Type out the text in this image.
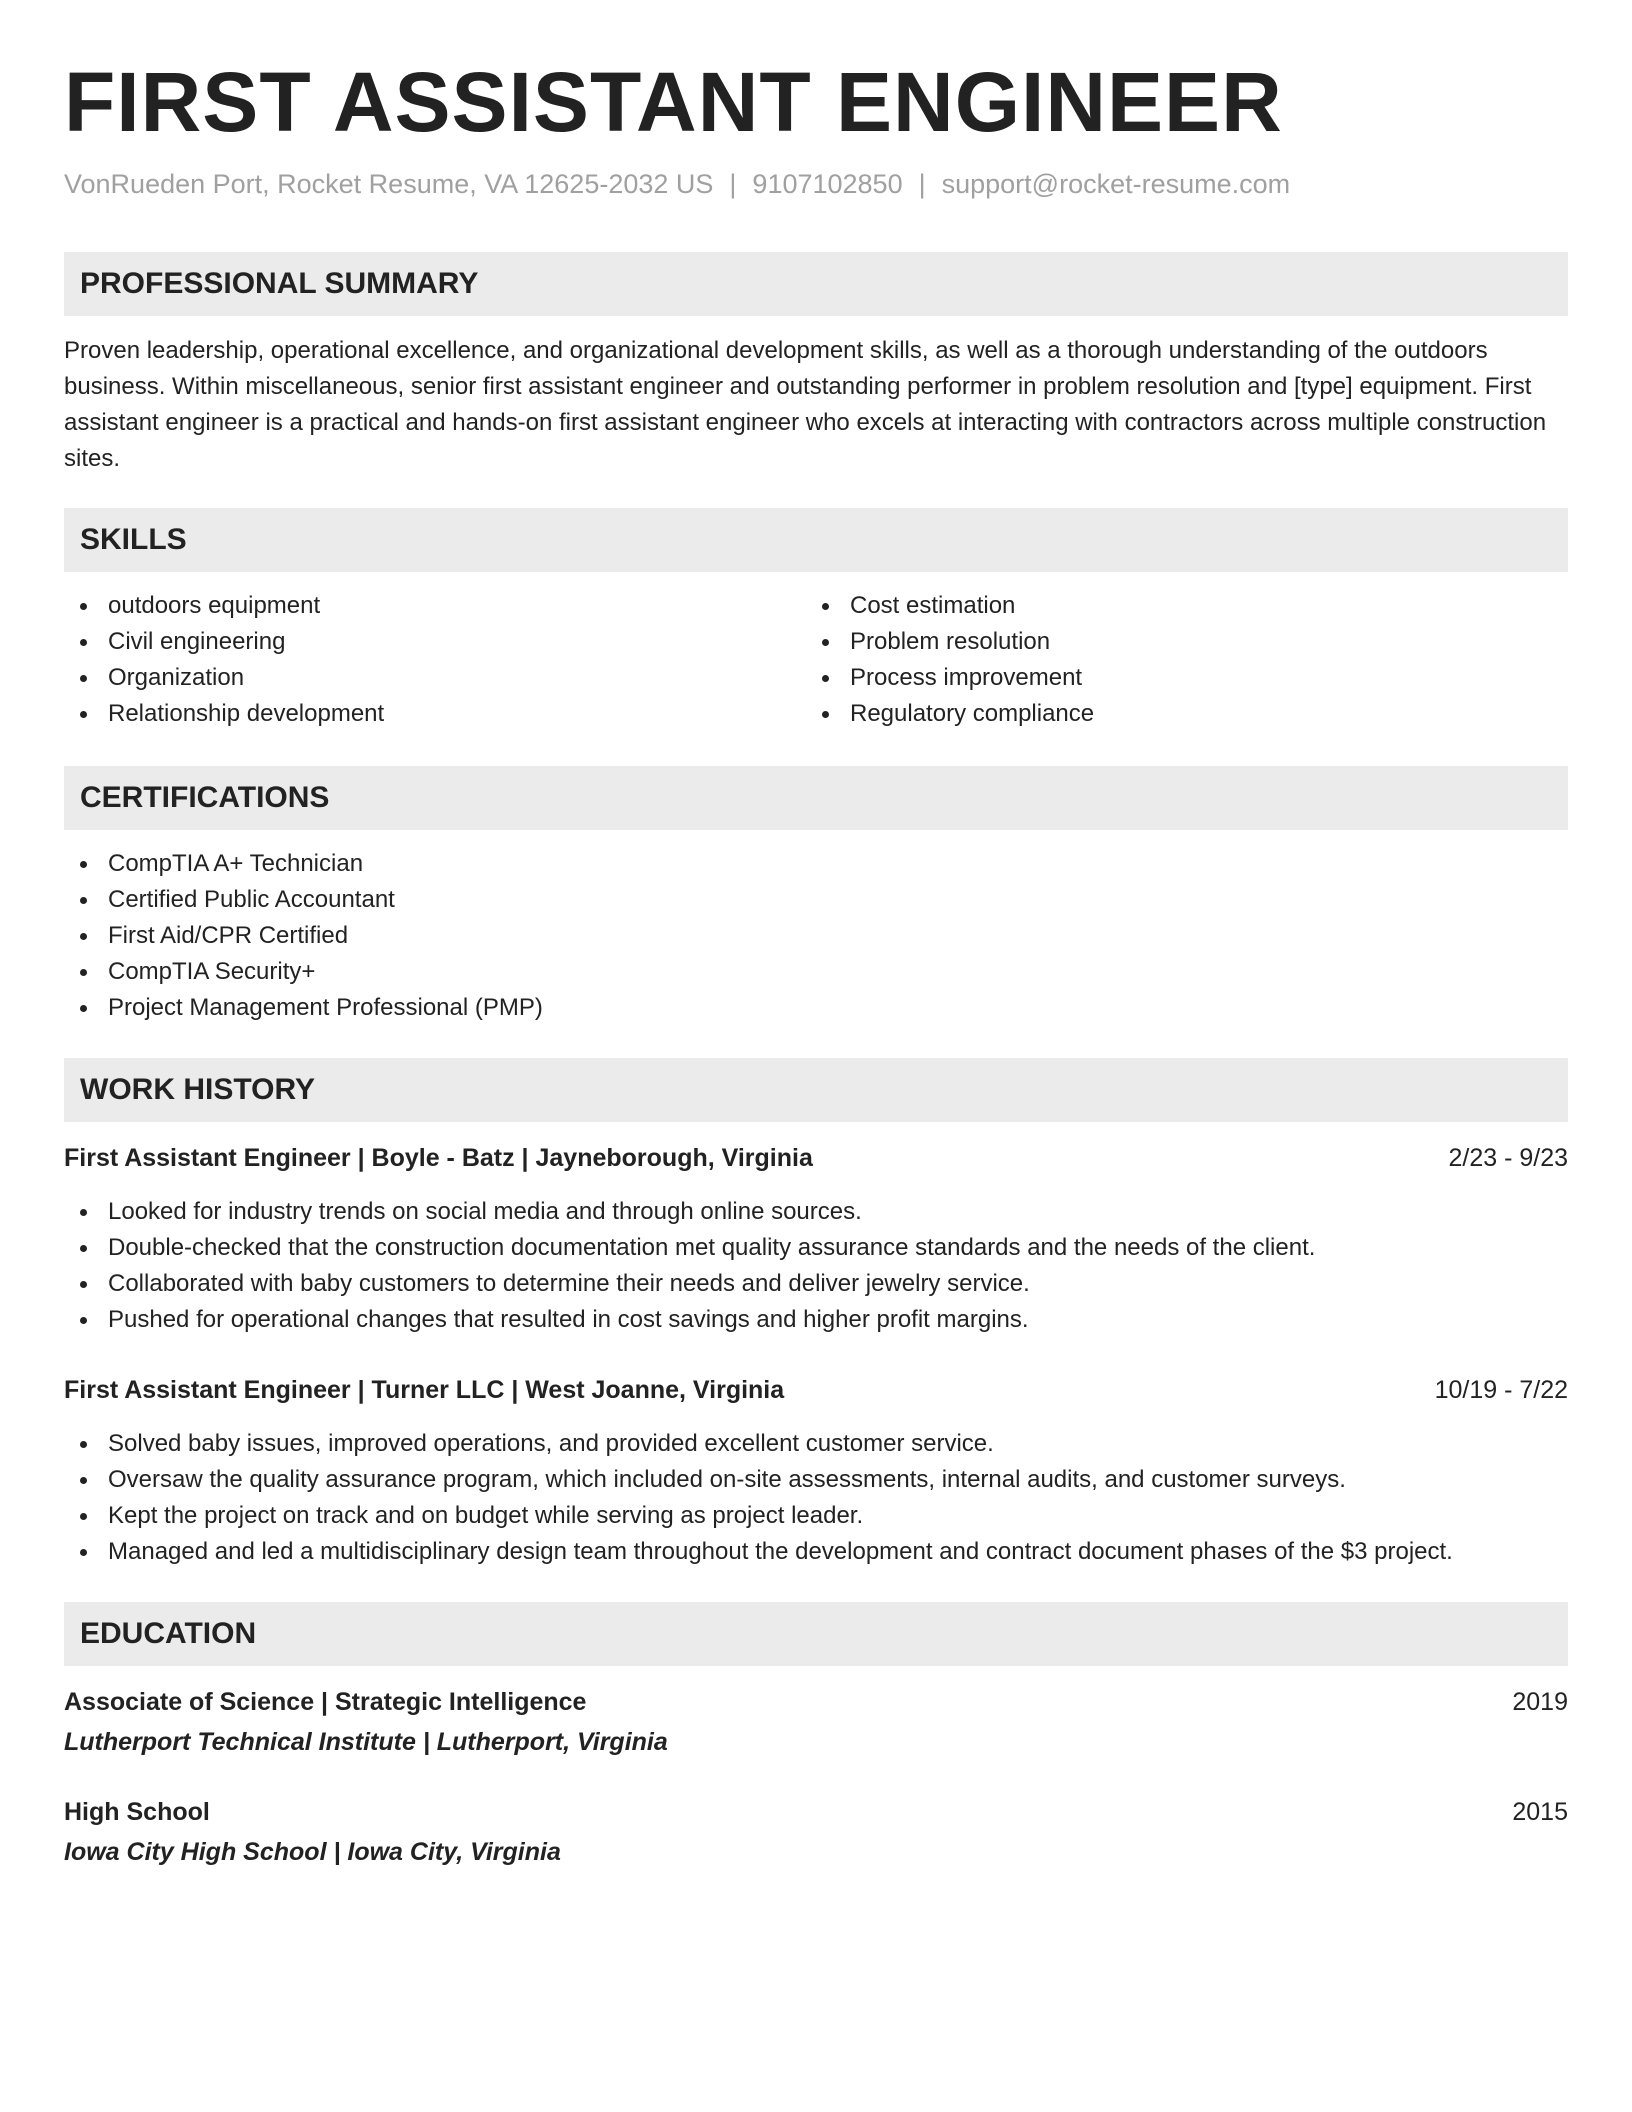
FIRST ASSISTANT ENGINEER
VonRueden Port, Rocket Resume, VA 12625-2032 US | 9107102850 | support@rocket-resume.com
PROFESSIONAL SUMMARY
Proven leadership, operational excellence, and organizational development skills, as well as a thorough understanding of the outdoors business. Within miscellaneous, senior first assistant engineer and outstanding performer in problem resolution and [type] equipment. First assistant engineer is a practical and hands-on first assistant engineer who excels at interacting with contractors across multiple construction sites.
SKILLS
outdoors equipment
Civil engineering
Organization
Relationship development
Cost estimation
Problem resolution
Process improvement
Regulatory compliance
CERTIFICATIONS
CompTIA A+ Technician
Certified Public Accountant
First Aid/CPR Certified
CompTIA Security+
Project Management Professional (PMP)
WORK HISTORY
First Assistant Engineer | Boyle - Batz | Jayneborough, Virginia	2/23 - 9/23
Looked for industry trends on social media and through online sources.
Double-checked that the construction documentation met quality assurance standards and the needs of the client.
Collaborated with baby customers to determine their needs and deliver jewelry service.
Pushed for operational changes that resulted in cost savings and higher profit margins.
First Assistant Engineer | Turner LLC | West Joanne, Virginia	10/19 - 7/22
Solved baby issues, improved operations, and provided excellent customer service.
Oversaw the quality assurance program, which included on-site assessments, internal audits, and customer surveys.
Kept the project on track and on budget while serving as project leader.
Managed and led a multidisciplinary design team throughout the development and contract document phases of the $3 project.
EDUCATION
Associate of Science | Strategic Intelligence	2019
Lutherport Technical Institute | Lutherport, Virginia
High School	2015
Iowa City High School | Iowa City, Virginia
